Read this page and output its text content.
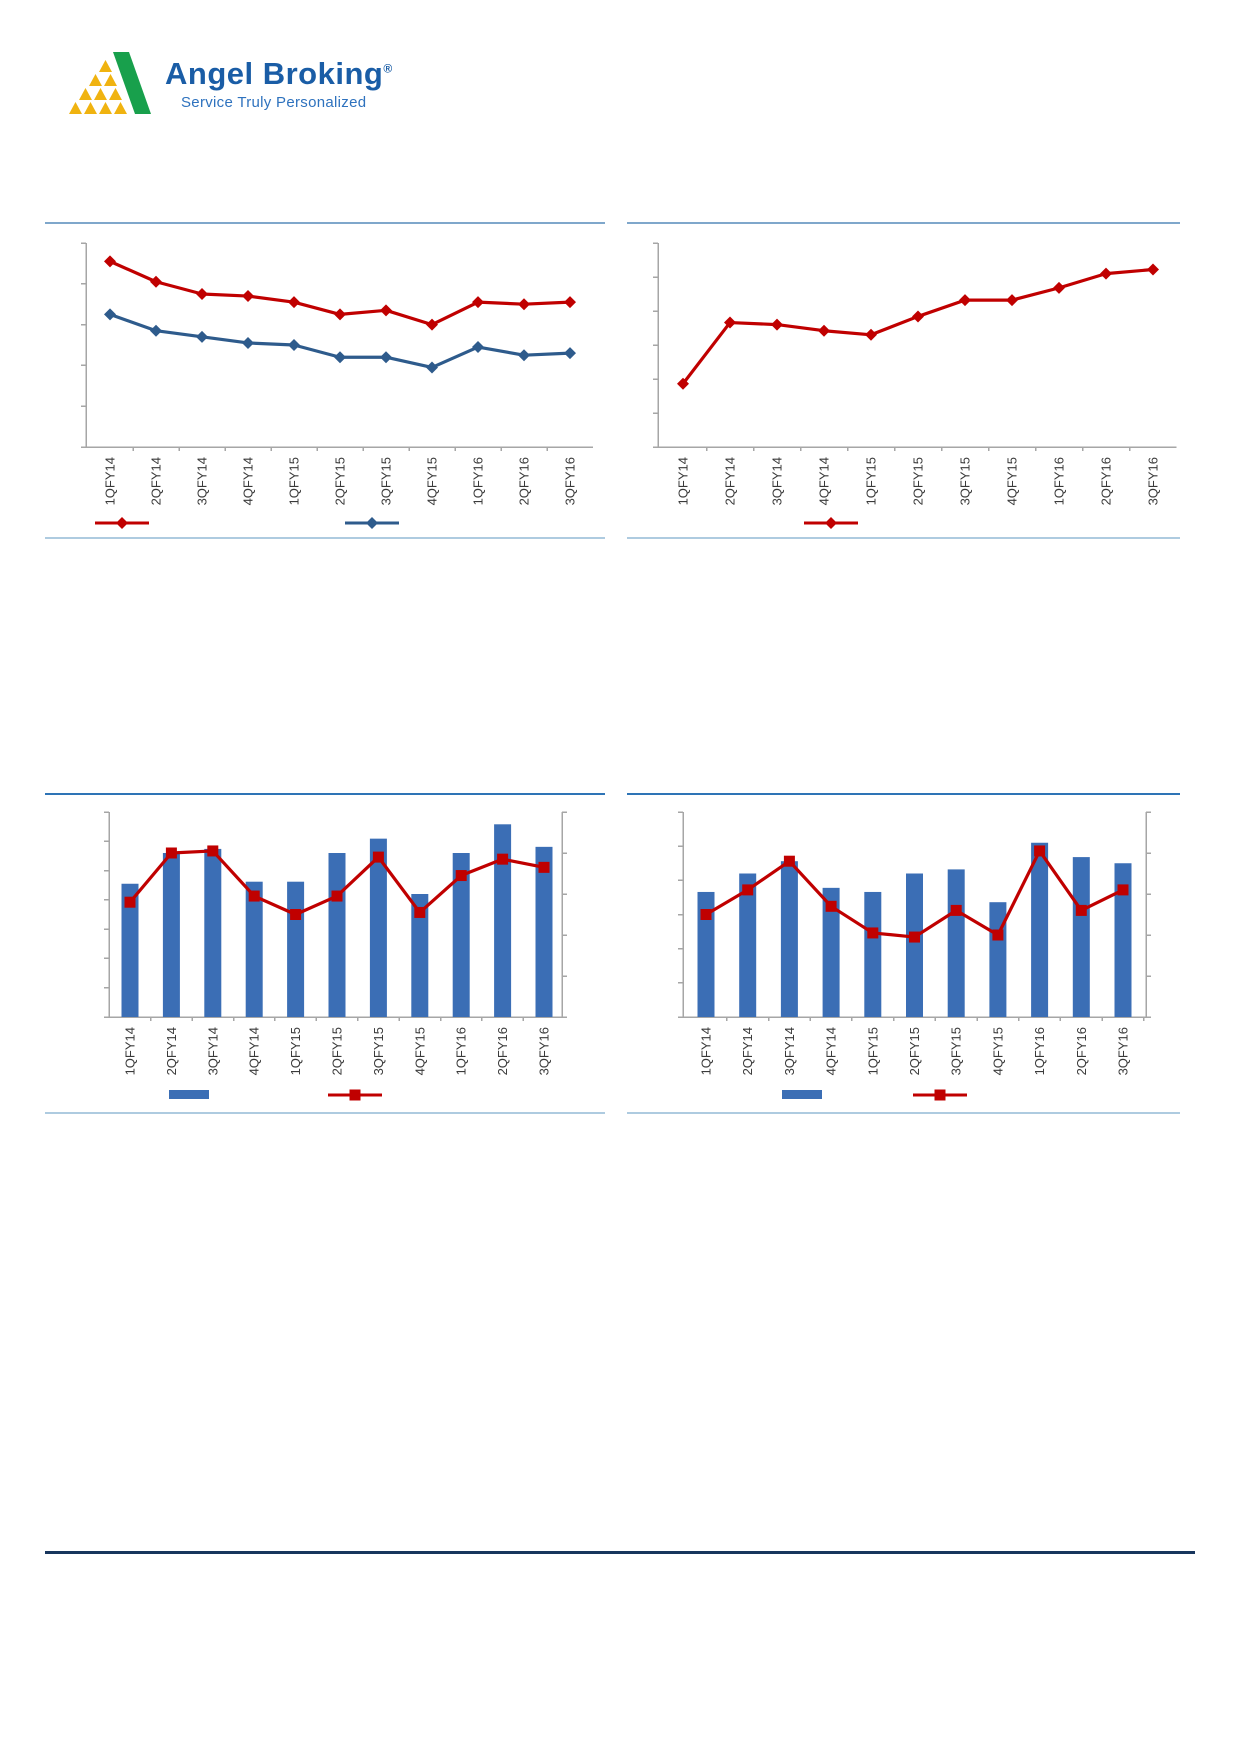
Angel Broking®
Service Truly Personalized
1QFY14 2QFY14 3QFY14 4QFY14 1QFY15 2QFY15 3QFY15 4QFY15 1QFY16 2QFY16 3QFY16	1QFY14 2QFY14 3QFY14 4QFY14 1QFY15 2QFY15 3QFY15 4QFY15 1QFY16 2QFY16 3QFY16
1QFY14 2QFY14 3QFY14 4QFY14 1QFY15 2QFY15 3QFY15 4QFY15 1QFY16 2QFY16 3QFY16	1QFY14 2QFY14 3QFY14 4QFY14 1QFY15 2QFY15 3QFY15 4QFY15 1QFY16 2QFY16 3QFY16
